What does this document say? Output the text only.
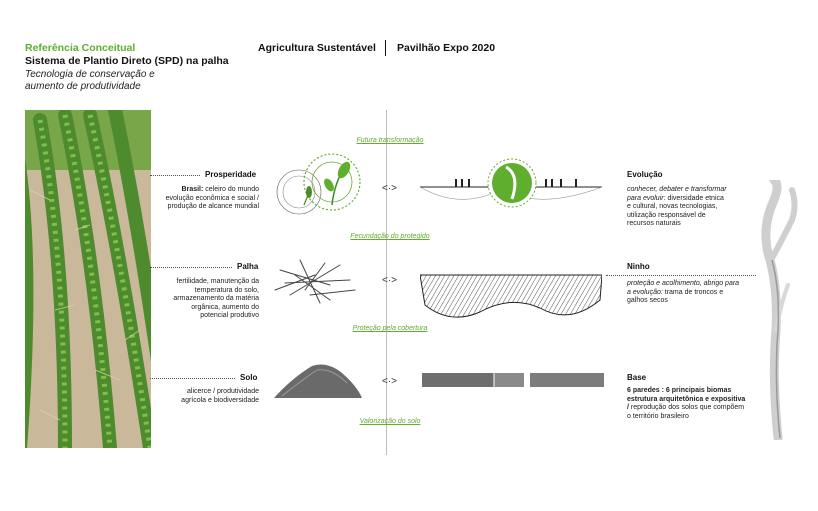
Referência Conceitual
Sistema de Plantio Direto (SPD) na palha
Tecnologia de conservação e aumento de produtividade
Agricultura Sustentável Pavilhão Expo 2020
Futura transformação
Fecundação do protegido
Proteção pela cobertura
Valorização do solo
Prosperidade
Brasil: celeiro do mundo evolução econômica e social / produção de alcance mundial
Palha
fertilidade, manutenção da temperatura do solo, armazenamento da matéria orgânica, aumento do potencial produtivo
Solo
alicerce / produtividade agrícola e biodiversidade
<·>
<·>
<·>
Evolução
conhecer, debater e transformar para evoluir: diversidade etnica e cultural, novas tecnologias, utilização responsável de recursos naturais
Ninho
proteção e acolhimento, abrigo para a evolução: trama de troncos e galhos secos
Base
6 paredes : 6 principais biomas estrutura arquitetônica e expositiva / reprodução dos solos que compõem o território brasileiro
